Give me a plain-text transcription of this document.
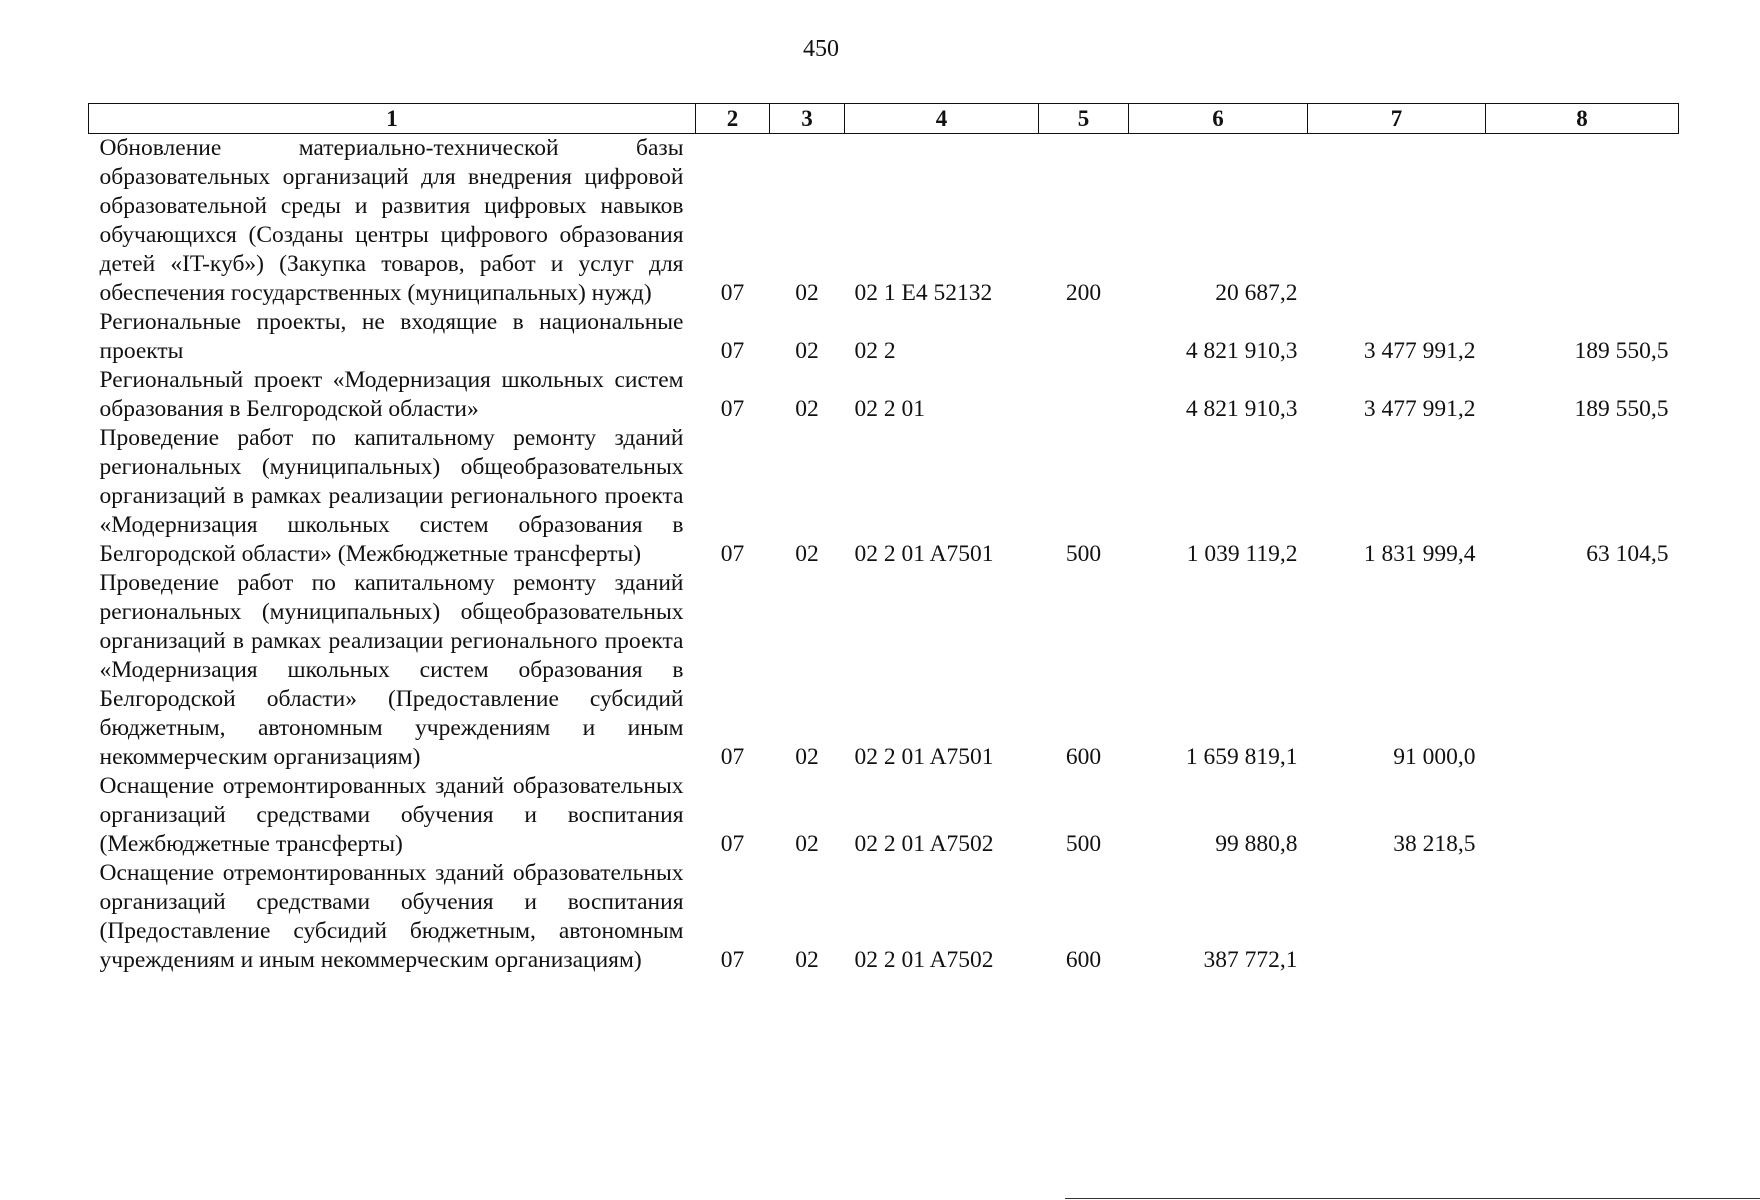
450
1	2	3	4	5	6	7	8
Обновление материально-технической базы образовательных организаций для внедрения цифровой образовательной среды и развития цифровых навыков обучающихся (Созданы центры цифрового образования детей «IT-куб») (Закупка товаров, работ и услуг для обеспечения государственных (муниципальных) нужд)	07	02	02 1 E4 52132	200	20 687,2		
Региональные проекты, не входящие в национальные проекты	07	02	02 2		4 821 910,3	3 477 991,2	189 550,5
Региональный проект «Модернизация школьных систем образования в Белгородской области»	07	02	02 2 01		4 821 910,3	3 477 991,2	189 550,5
Проведение работ по капитальному ремонту зданий региональных (муниципальных) общеобразовательных организаций в рамках реализации регионального проекта «Модернизация школьных систем образования в Белгородской области» (Межбюджетные трансферты)	07	02	02 2 01 A7501	500	1 039 119,2	1 831 999,4	63 104,5
Проведение работ по капитальному ремонту зданий региональных (муниципальных) общеобразовательных организаций в рамках реализации регионального проекта «Модернизация школьных систем образования в Белгородской области» (Предоставление субсидий бюджетным, автономным учреждениям и иным некоммерческим организациям)	07	02	02 2 01 A7501	600	1 659 819,1	91 000,0	
Оснащение отремонтированных зданий образовательных организаций средствами обучения и воспитания (Межбюджетные трансферты)	07	02	02 2 01 A7502	500	99 880,8	38 218,5	
Оснащение отремонтированных зданий образовательных организаций средствами обучения и воспитания (Предоставление субсидий бюджетным, автономным учреждениям и иным некоммерческим организациям)	07	02	02 2 01 A7502	600	387 772,1		
